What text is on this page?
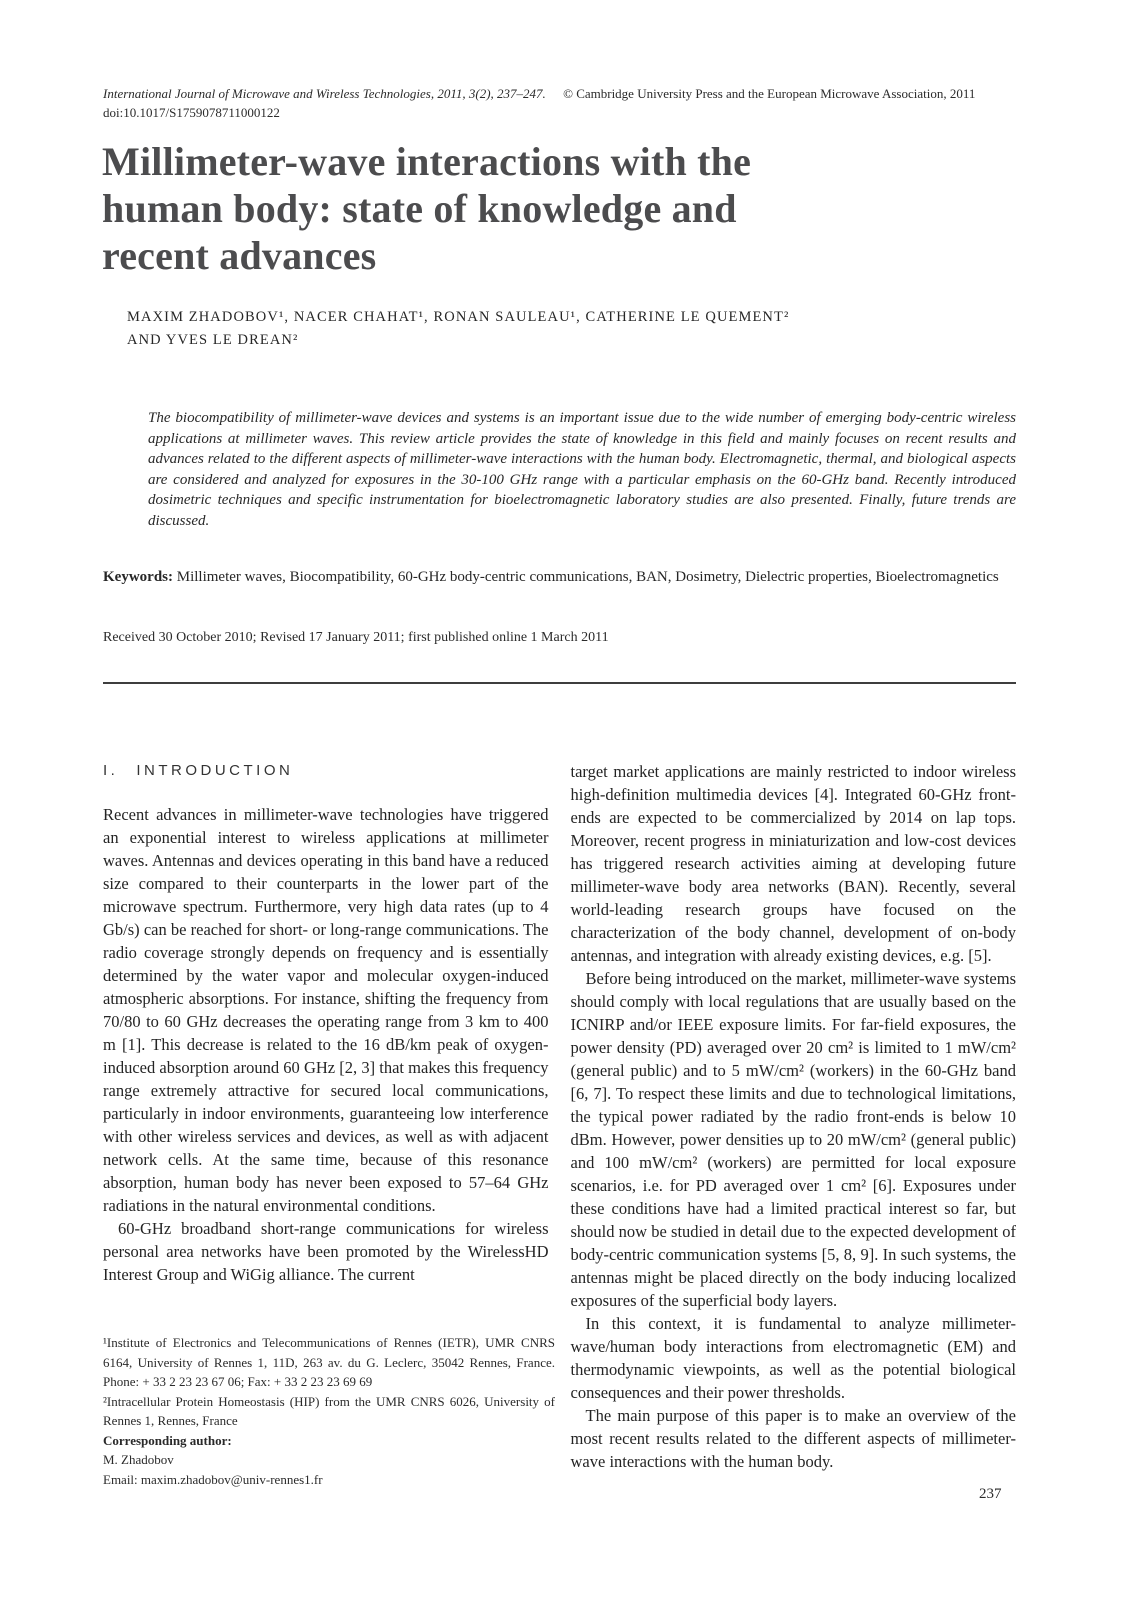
International Journal of Microwave and Wireless Technologies, 2011, 3(2), 237–247. © Cambridge University Press and the European Microwave Association, 2011
doi:10.1017/S1759078711000122
Millimeter-wave interactions with the
human body: state of knowledge and
recent advances
MAXIM ZHADOBOV¹, NACER CHAHAT¹, RONAN SAULEAU¹, CATHERINE LE QUEMENT²
AND YVES LE DREAN²

The biocompatibility of millimeter-wave devices and systems is an important issue due to the wide number of emerging body-centric wireless applications at millimeter waves. This review article provides the state of knowledge in this field and mainly focuses on recent results and advances related to the different aspects of millimeter-wave interactions with the human body. Electromagnetic, thermal, and biological aspects are considered and analyzed for exposures in the 30-100 GHz range with a particular emphasis on the 60-GHz band. Recently introduced dosimetric techniques and specific instrumentation for bioelectromagnetic laboratory studies are also presented. Finally, future trends are discussed.

Keywords: Millimeter waves, Biocompatibility, 60-GHz body-centric communications, BAN, Dosimetry, Dielectric properties, Bioelectromagnetics

Received 30 October 2010; Revised 17 January 2011; first published online 1 March 2011

I. INTRODUCTION

Recent advances in millimeter-wave technologies have triggered an exponential interest to wireless applications at millimeter waves. Antennas and devices operating in this band have a reduced size compared to their counterparts in the lower part of the microwave spectrum. Furthermore, very high data rates (up to 4 Gb/s) can be reached for short- or long-range communications. The radio coverage strongly depends on frequency and is essentially determined by the water vapor and molecular oxygen-induced atmospheric absorptions. For instance, shifting the frequency from 70/80 to 60 GHz decreases the operating range from 3 km to 400 m [1]. This decrease is related to the 16 dB/km peak of oxygen-induced absorption around 60 GHz [2, 3] that makes this frequency range extremely attractive for secured local communications, particularly in indoor environments, guaranteeing low interference with other wireless services and devices, as well as with adjacent network cells. At the same time, because of this resonance absorption, human body has never been exposed to 57–64 GHz radiations in the natural environmental conditions.

60-GHz broadband short-range communications for wireless personal area networks have been promoted by the WirelessHD Interest Group and WiGig alliance. The current

target market applications are mainly restricted to indoor wireless high-definition multimedia devices [4]. Integrated 60-GHz front-ends are expected to be commercialized by 2014 on lap tops. Moreover, recent progress in miniaturization and low-cost devices has triggered research activities aiming at developing future millimeter-wave body area networks (BAN). Recently, several world-leading research groups have focused on the characterization of the body channel, development of on-body antennas, and integration with already existing devices, e.g. [5].

Before being introduced on the market, millimeter-wave systems should comply with local regulations that are usually based on the ICNIRP and/or IEEE exposure limits. For far-field exposures, the power density (PD) averaged over 20 cm² is limited to 1 mW/cm² (general public) and to 5 mW/cm² (workers) in the 60-GHz band [6, 7]. To respect these limits and due to technological limitations, the typical power radiated by the radio front-ends is below 10 dBm. However, power densities up to 20 mW/cm² (general public) and 100 mW/cm² (workers) are permitted for local exposure scenarios, i.e. for PD averaged over 1 cm² [6]. Exposures under these conditions have had a limited practical interest so far, but should now be studied in detail due to the expected development of body-centric communication systems [5, 8, 9]. In such systems, the antennas might be placed directly on the body inducing localized exposures of the superficial body layers.

In this context, it is fundamental to analyze millimeter-wave/human body interactions from electromagnetic (EM) and thermodynamic viewpoints, as well as the potential biological consequences and their power thresholds.

The main purpose of this paper is to make an overview of the most recent results related to the different aspects of millimeter-wave interactions with the human body.

¹Institute of Electronics and Telecommunications of Rennes (IETR), UMR CNRS 6164, University of Rennes 1, 11D, 263 av. du G. Leclerc, 35042 Rennes, France. Phone: + 33 2 23 23 67 06; Fax: + 33 2 23 23 69 69

²Intracellular Protein Homeostasis (HIP) from the UMR CNRS 6026, University of Rennes 1, Rennes, France

Corresponding author:

M. Zhadobov

Email: maxim.zhadobov@univ-rennes1.fr

237
